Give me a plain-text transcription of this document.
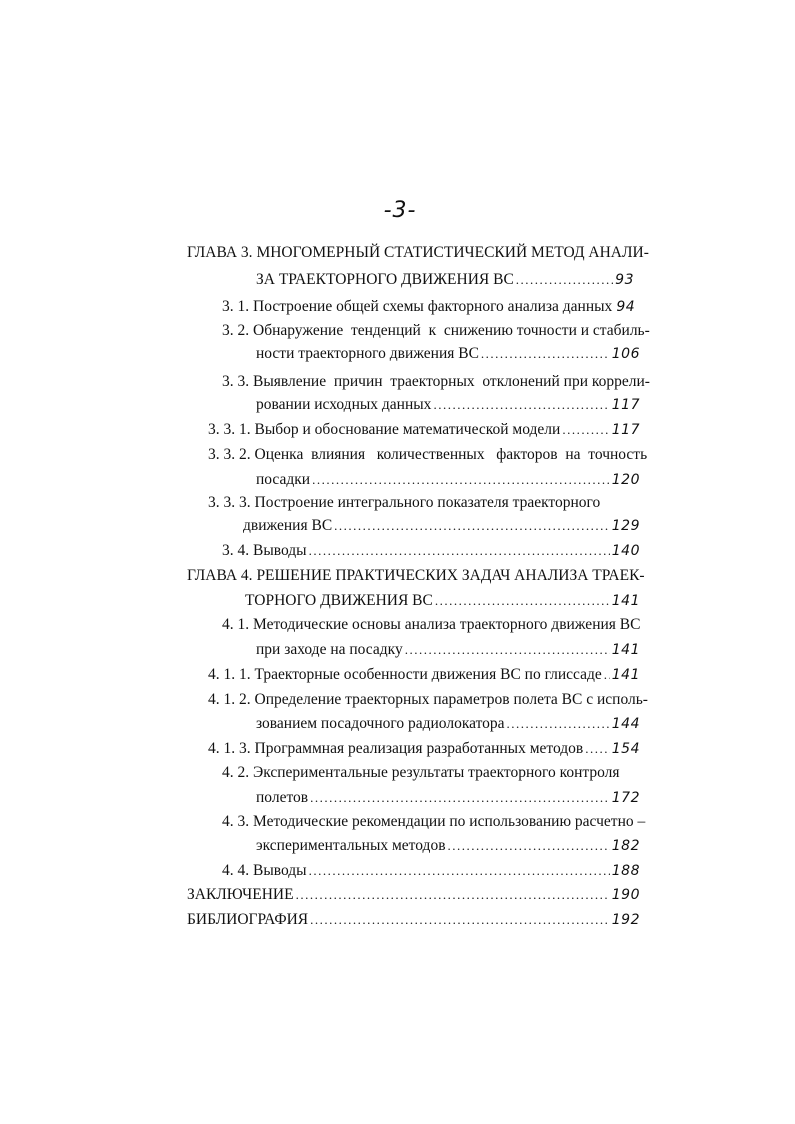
-3-
ГЛАВА 3. МНОГОМЕРНЫЙ СТАТИСТИЧЕСКИЙ МЕТОД АНАЛИ-
ЗА ТРАЕКТОРНОГО ДВИЖЕНИЯ ВС .....	93
3. 1. Построение общей схемы факторного анализа данных 94
3. 2. Обнаружение  тенденций  к  снижению точности и стабиль-
ности траекторного движения ВС .....	106
3. 3. Выявление  причин  траекторных  отклонений при коррели-
ровании исходных данных .....	117
3. 3. 1. Выбор и обоснование математической модели .....	117
3. 3. 2. Оценка  влияния   количественных   факторов  на  точность
посадки .....	120
3. 3. 3. Построение интегрального показателя траекторного
движения ВС .....	129
3. 4. Выводы .....	140
ГЛАВА 4. РЕШЕНИЕ ПРАКТИЧЕСКИХ ЗАДАЧ АНАЛИЗА ТРАЕК-
ТОРНОГО ДВИЖЕНИЯ ВС .....	141
4. 1. Методические основы анализа траекторного движения ВС
при заходе на посадку .....	141
4. 1. 1. Траекторные особенности движения ВС по глиссаде ..... 141
4. 1. 2. Определение траекторных параметров полета ВС с исполь-
зованием посадочного радиолокатора .....	144
4. 1. 3. Программная реализация разработанных методов ..... 154
4. 2. Экспериментальные результаты траекторного контроля
полетов .....	172
4. 3. Методические рекомендации по использованию расчетно –
экспериментальных методов .....	182
4. 4. Выводы .....	188
ЗАКЛЮЧЕНИЕ .....	190
БИБЛИОГРАФИЯ .....	192
